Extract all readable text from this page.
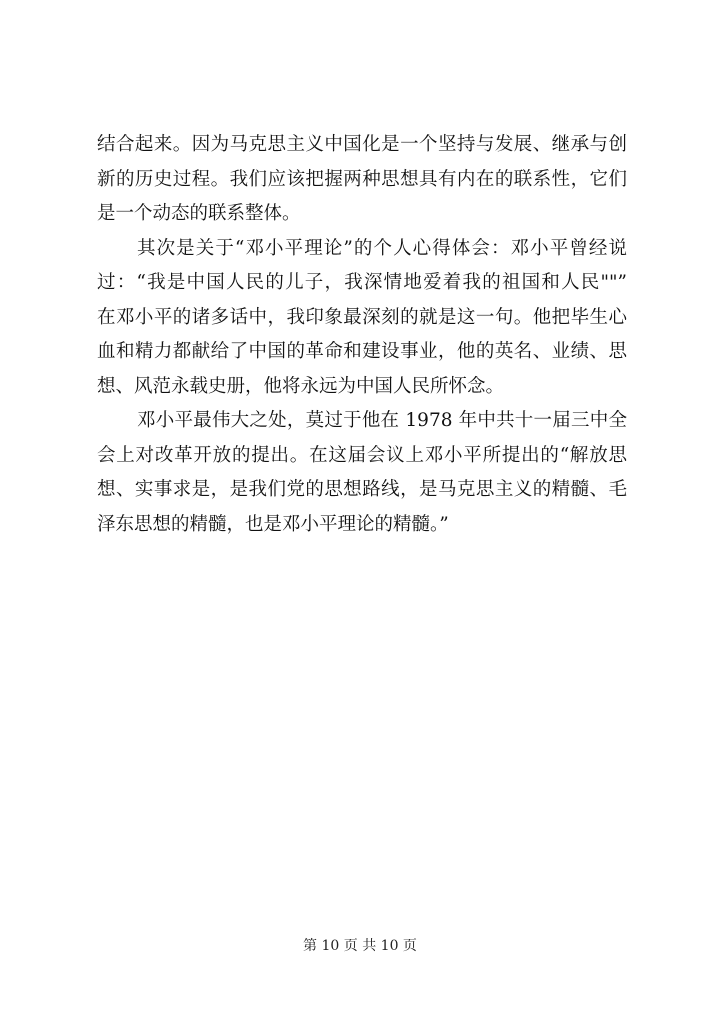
结合起来。因为马克思主义中国化是一个坚持与发展、继承与创
新的历史过程。我们应该把握两种思想具有内在的联系性，它们
是一个动态的联系整体。
其次是关于“邓小平理论”的个人心得体会：邓小平曾经说
过：“我是中国人民的儿子，我深情地爱着我的祖国和人民""”
在邓小平的诸多话中，我印象最深刻的就是这一句。他把毕生心
血和精力都献给了中国的革命和建设事业，他的英名、业绩、思
想、风范永载史册，他将永远为中国人民所怀念。
邓小平最伟大之处，莫过于他在 1978 年中共十一届三中全
会上对改革开放的提出。在这届会议上邓小平所提出的“解放思
想、实事求是，是我们党的思想路线，是马克思主义的精髓、毛
泽东思想的精髓，也是邓小平理论的精髓。”
第 10 页 共 10 页
